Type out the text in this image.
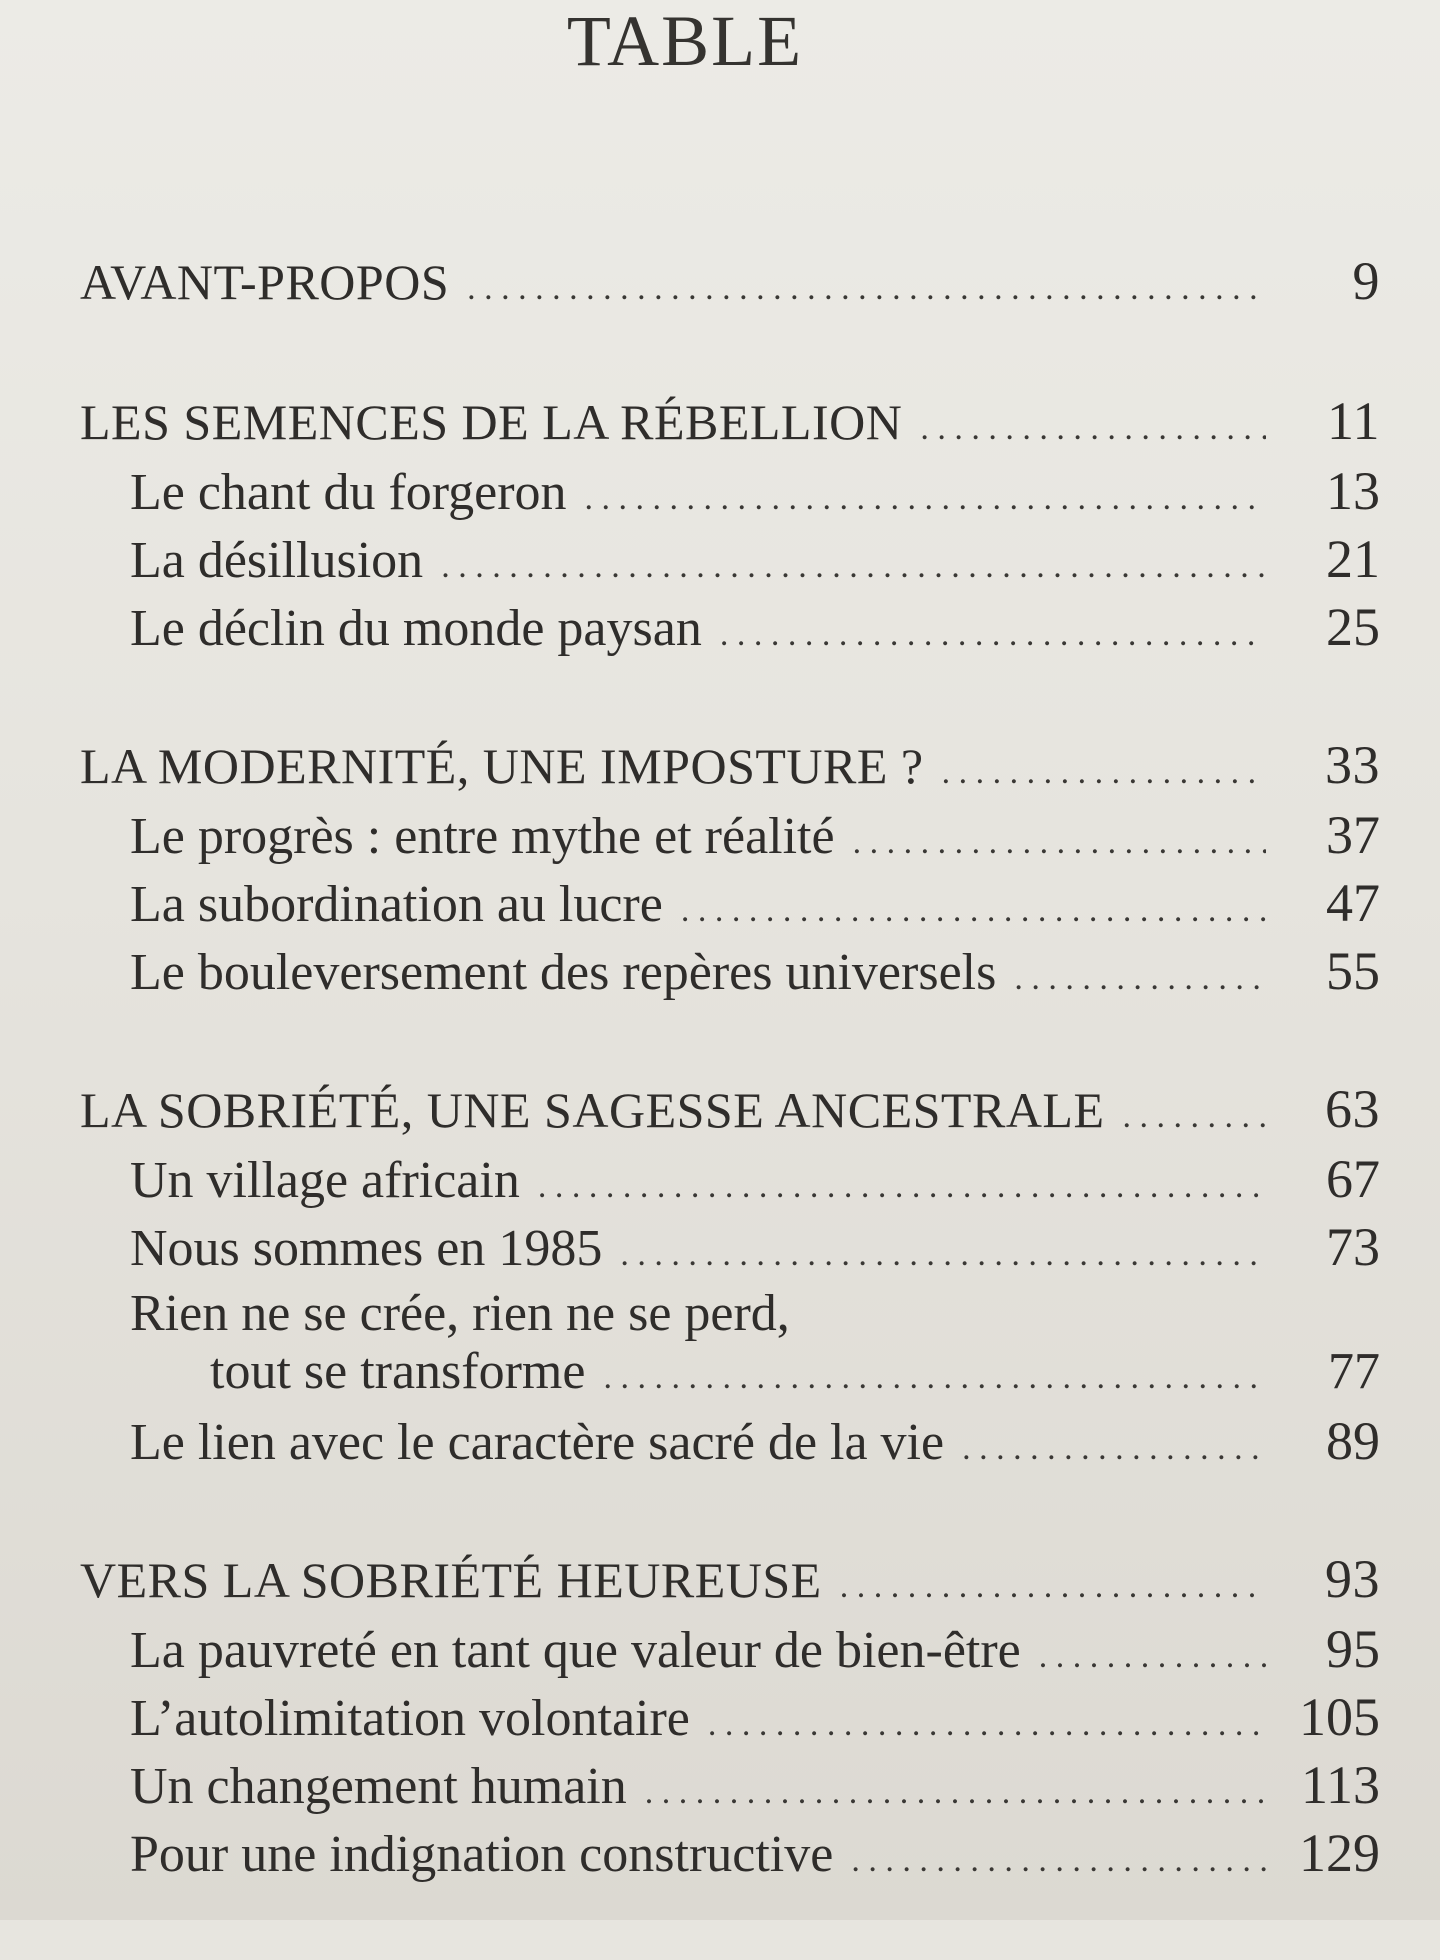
TABLE
AVANT-PROPOS . . .	9
LES SEMENCES DE LA RÉBELLION . . .	11
Le chant du forgeron . . .	13
La désillusion . . .	21
Le déclin du monde paysan . . .	25
LA MODERNITÉ, UNE IMPOSTURE ? . . .	33
Le progrès : entre mythe et réalité . . .	37
La subordination au lucre . . .	47
Le bouleversement des repères universels . . .	55
LA SOBRIÉTÉ, UNE SAGESSE ANCESTRALE . . .	63
Un village africain . . .	67
Nous sommes en 1985 . . .	73
Rien ne se crée, rien ne se perd,
tout se transforme . . .	77
Le lien avec le caractère sacré de la vie . . .	89
VERS LA SOBRIÉTÉ HEUREUSE . . .	93
La pauvreté en tant que valeur de bien-être . . .	95
L’autolimitation volontaire . . .	105
Un changement humain . . .	113
Pour une indignation constructive . . .	129
